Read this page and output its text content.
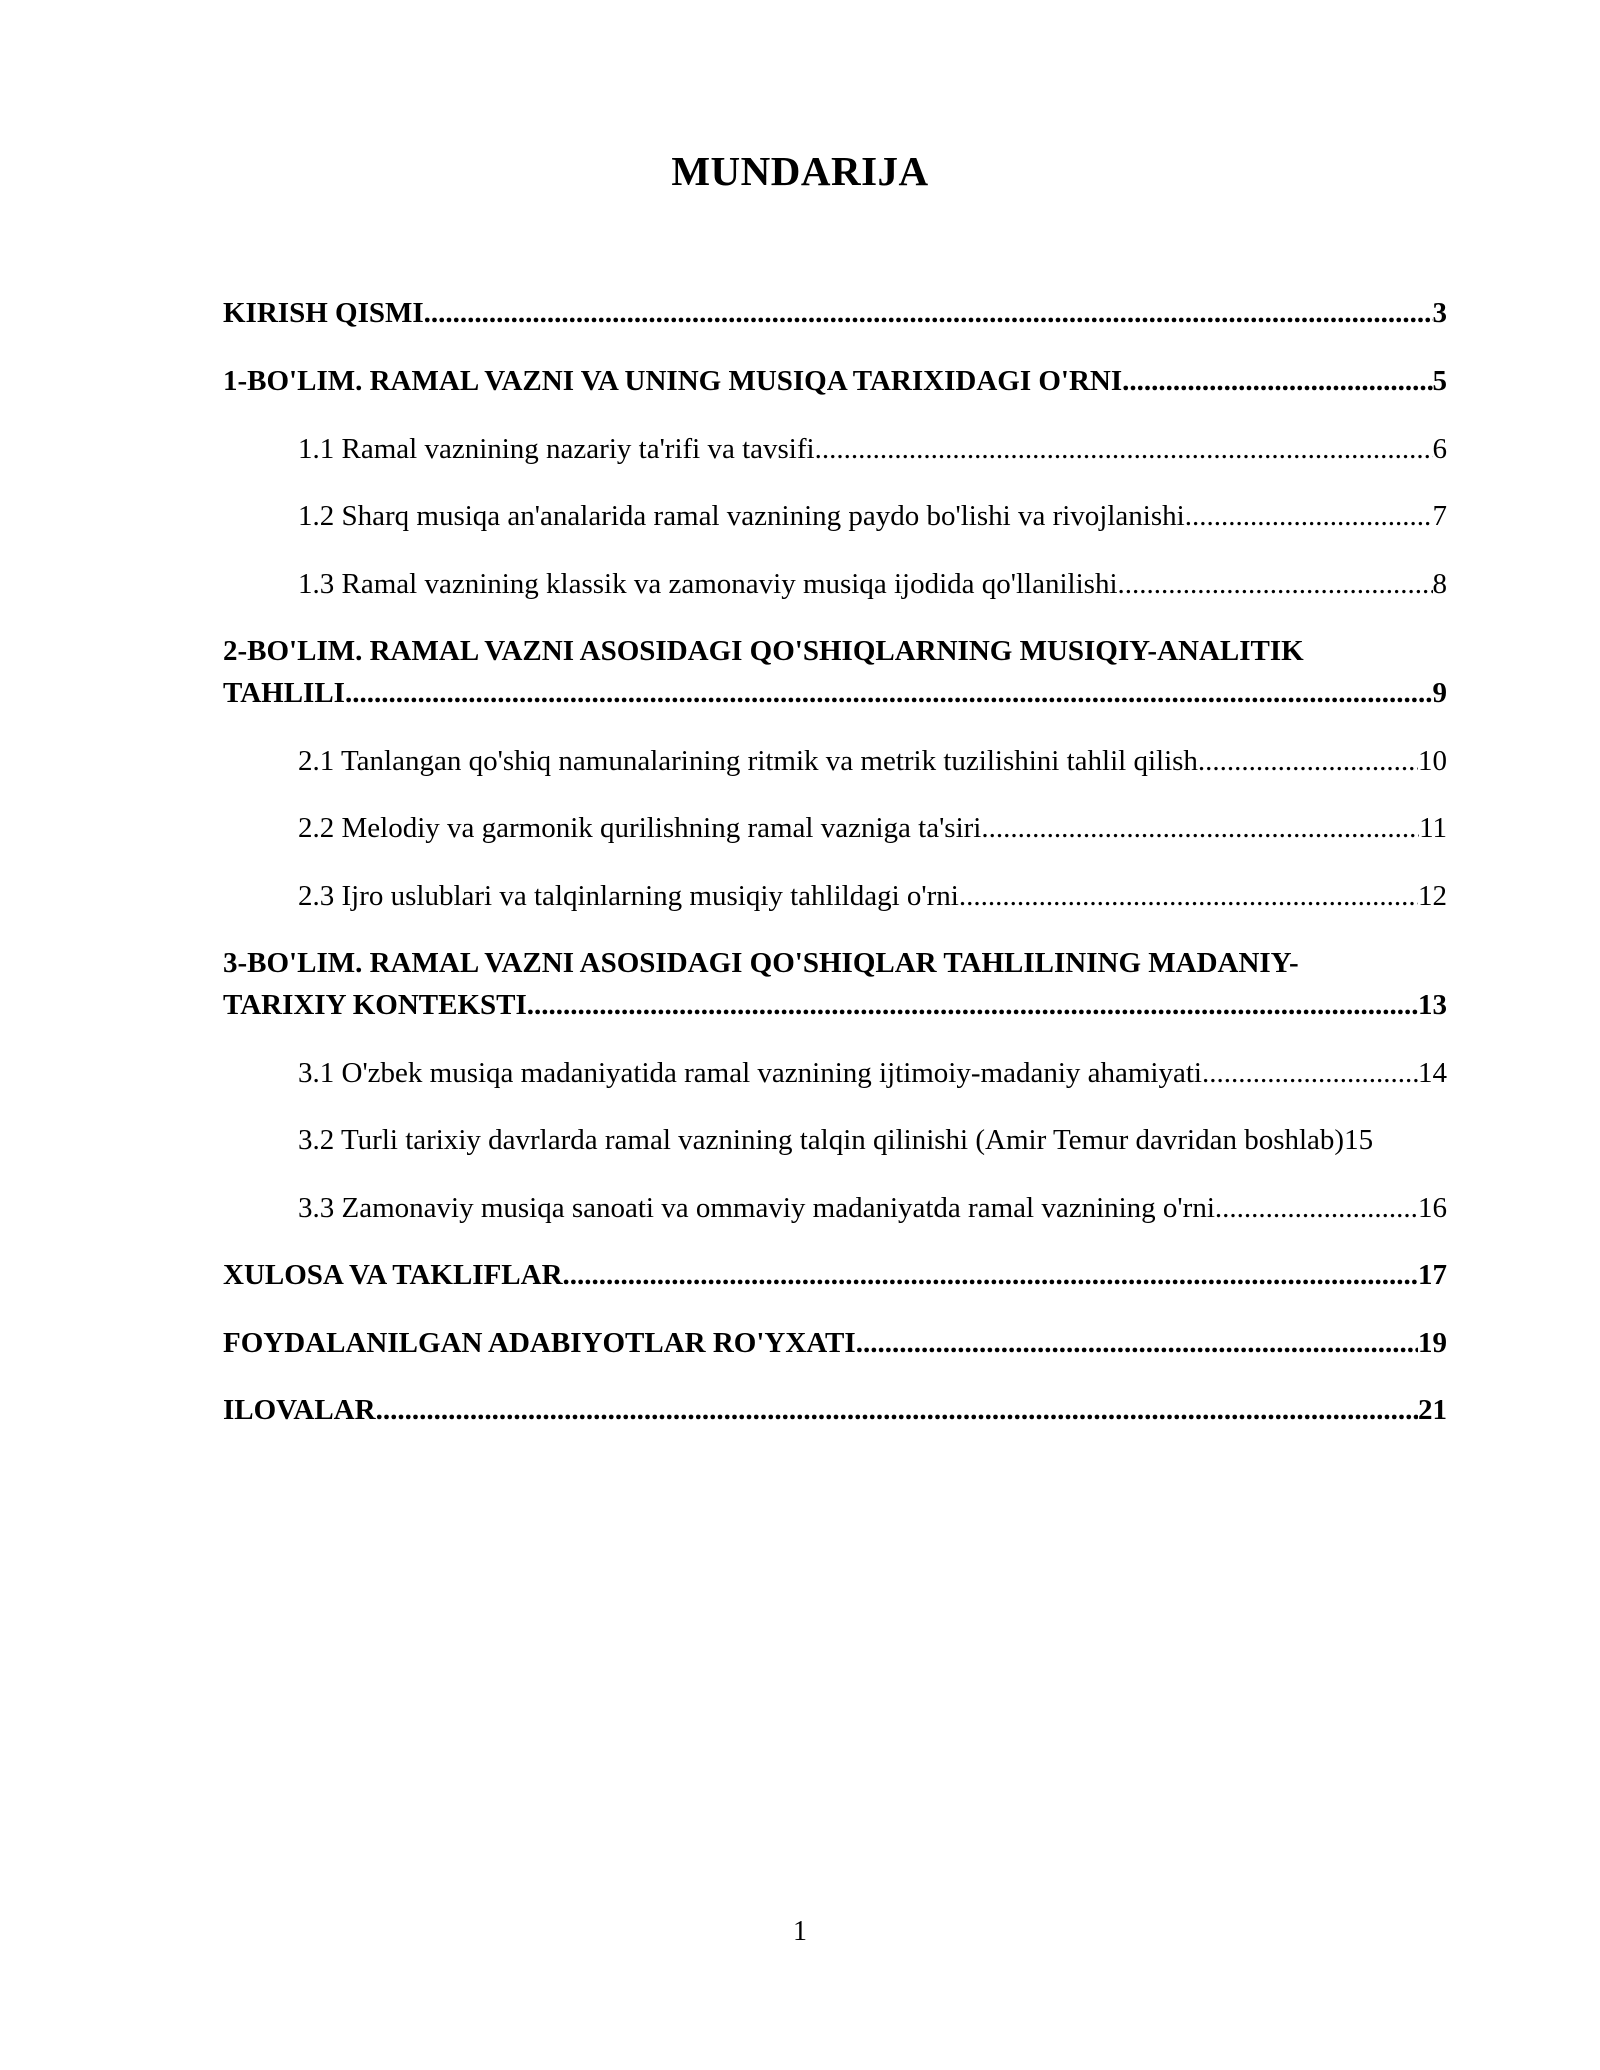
MUNDARIJA
KIRISH QISMI .....	3
1-BO'LIM. RAMAL VAZNI VA UNING MUSIQA TARIXIDAGI O'RNI .....	5
1.1 Ramal vaznining nazariy ta'rifi va tavsifi .....	6
1.2 Sharq musiqa an'analarida ramal vaznining paydo bo'lishi va rivojlanishi .....	7
1.3 Ramal vaznining klassik va zamonaviy musiqa ijodida qo'llanilishi .....	8
2-BO'LIM. RAMAL VAZNI ASOSIDAGI QO'SHIQLARNING MUSIQIY-ANALITIK
TAHLILI .....	9
2.1 Tanlangan qo'shiq namunalarining ritmik va metrik tuzilishini tahlil qilish .....	10
2.2 Melodiy va garmonik qurilishning ramal vazniga ta'siri .....	11
2.3 Ijro uslublari va talqinlarning musiqiy tahlildagi o'rni .....	12
3-BO'LIM. RAMAL VAZNI ASOSIDAGI QO'SHIQLAR TAHLILINING MADANIY-
TARIXIY KONTEKSTI .....	13
3.1 O'zbek musiqa madaniyatida ramal vaznining ijtimoiy-madaniy ahamiyati .....	14
3.2 Turli tarixiy davrlarda ramal vaznining talqin qilinishi (Amir Temur davridan boshlab) 15
3.3 Zamonaviy musiqa sanoati va ommaviy madaniyatda ramal vaznining o'rni .....	16
XULOSA VA TAKLIFLAR .....	17
FOYDALANILGAN ADABIYOTLAR RO'YXATI .....	19
ILOVALAR .....	21
1
